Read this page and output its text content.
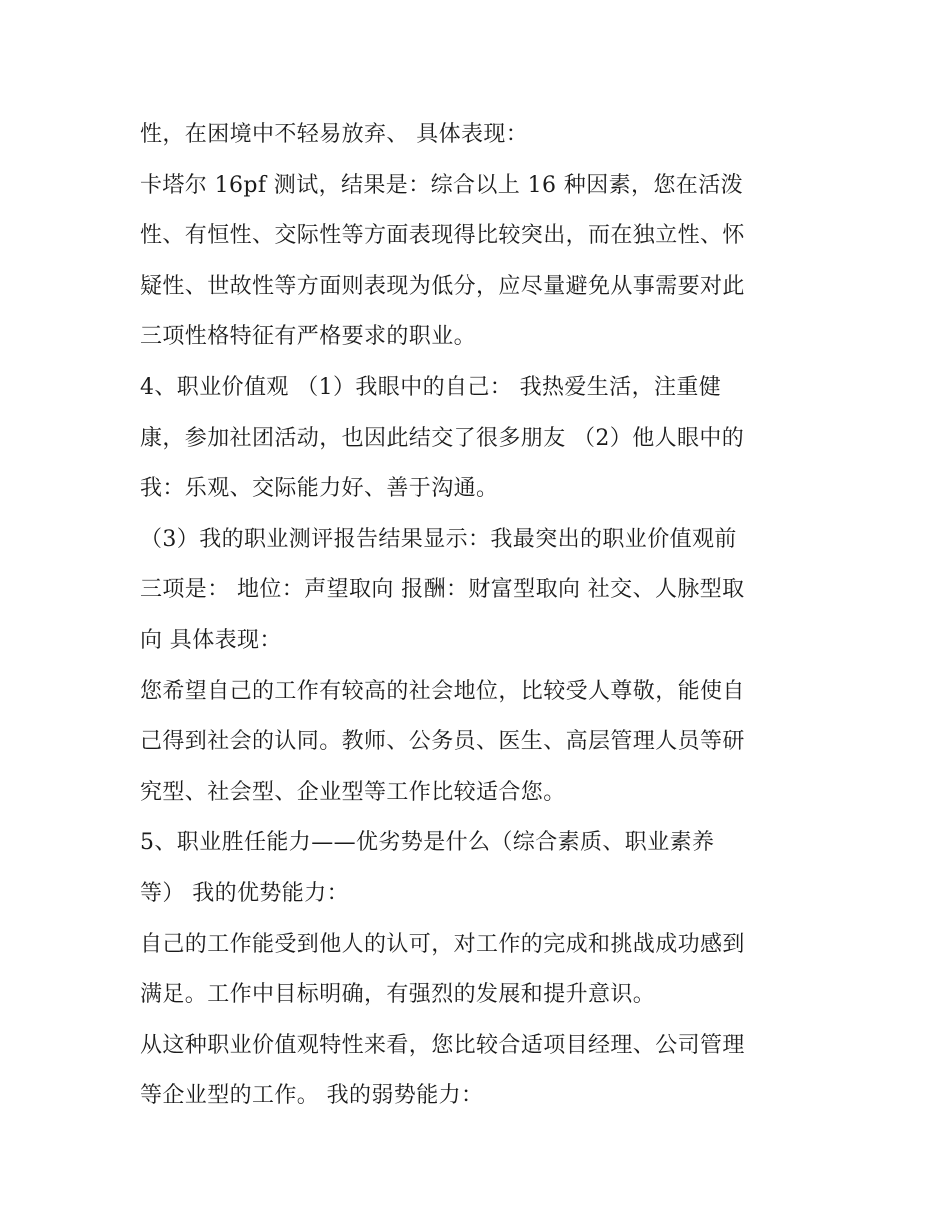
性，在困境中不轻易放弃、 具体表现：
卡塔尔 16pf 测试，结果是：综合以上 16 种因素，您在活泼
性、有恒性、交际性等方面表现得比较突出，而在独立性、怀
疑性、世故性等方面则表现为低分，应尽量避免从事需要对此
三项性格特征有严格要求的职业。
4、职业价值观 （1）我眼中的自己： 我热爱生活，注重健
康，参加社团活动，也因此结交了很多朋友 （2）他人眼中的
我：乐观、交际能力好、善于沟通。
（3）我的职业测评报告结果显示：我最突出的职业价值观前
三项是： 地位：声望取向 报酬：财富型取向 社交、人脉型取
向 具体表现：
您希望自己的工作有较高的社会地位，比较受人尊敬，能使自
己得到社会的认同。教师、公务员、医生、高层管理人员等研
究型、社会型、企业型等工作比较适合您。
5、职业胜任能力——优劣势是什么（综合素质、职业素养
等） 我的优势能力：
自己的工作能受到他人的认可，对工作的完成和挑战成功感到
满足。工作中目标明确，有强烈的发展和提升意识。
从这种职业价值观特性来看，您比较合适项目经理、公司管理
等企业型的工作。 我的弱势能力：
